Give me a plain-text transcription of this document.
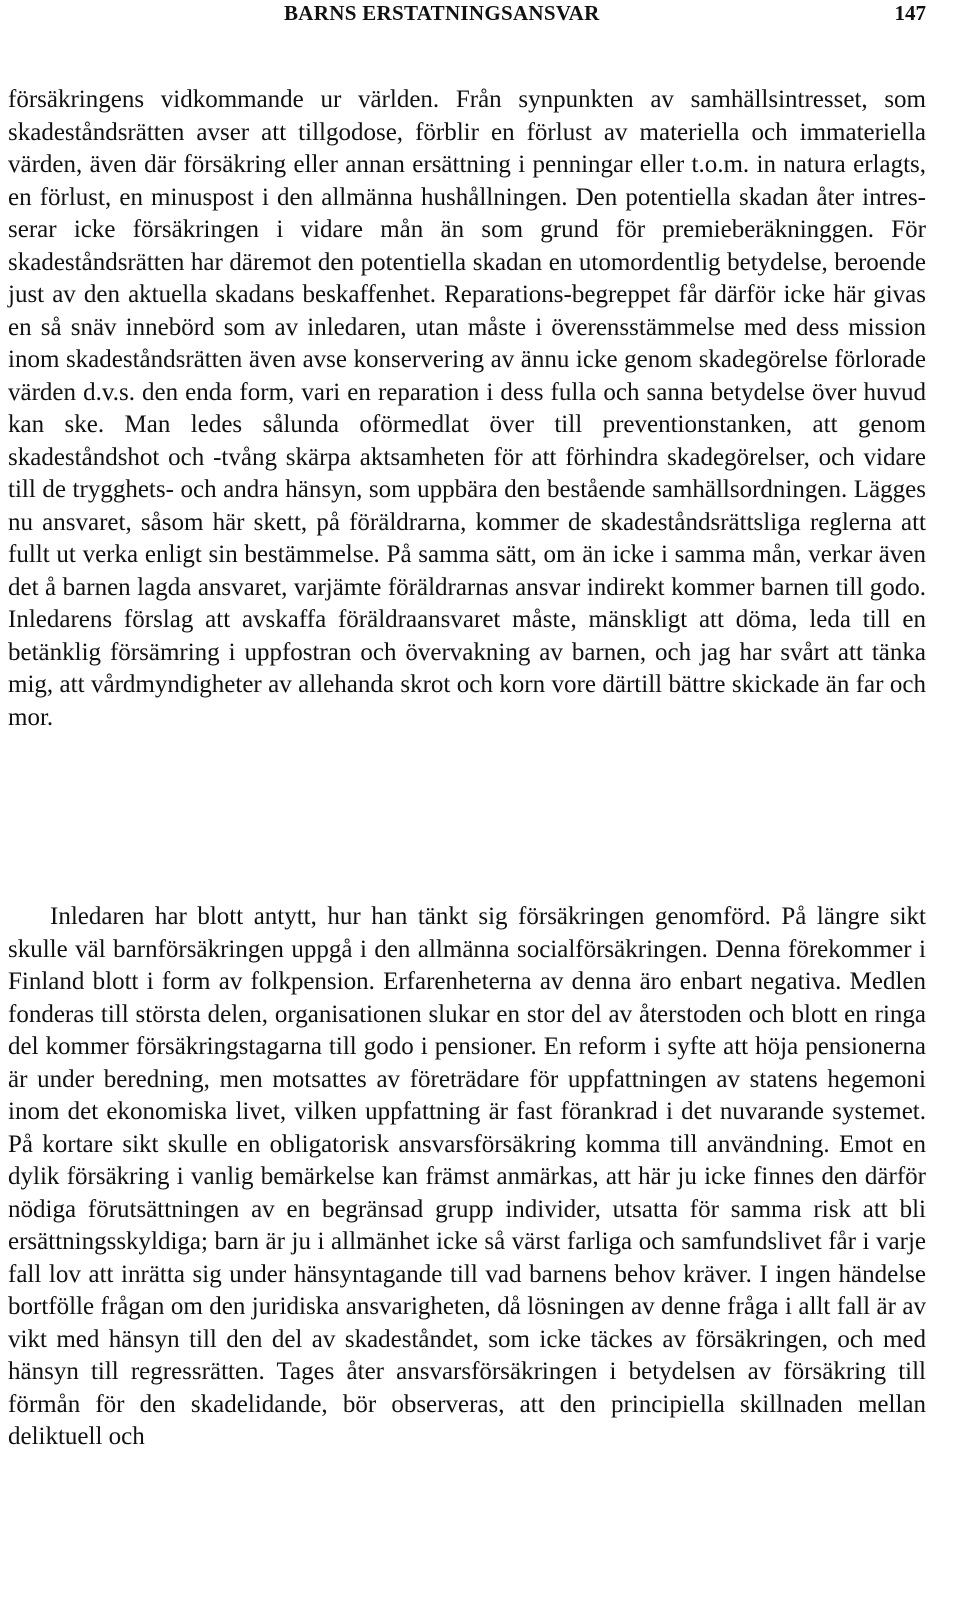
BARNS ERSTATNINGSANSVAR	147

försäkringens vidkommande ur världen. Från synpunkten av samhällsintresset, som skadeståndsrätten avser att tillgodose, förblir en förlust av materiella och immateriella värden, även där försäkring eller annan ersättning i penningar eller t.o.m. in natura erlagts, en förlust, en minuspost i den allmänna hushållningen. Den potentiella skadan åter intresserar icke försäkringen i vidare mån än som grund för premieberäkninggen. För skadeståndsrätten har däremot den potentiella skadan en utomordentlig betydelse, beroende just av den aktuella skadans beskaffenhet. Reparations-begreppet får därför icke här givas en så snäv innebörd som av inledaren, utan måste i överensstämmelse med dess mission inom skadeståndsrätten även avse konservering av ännu icke genom skadegörelse förlorade värden d.v.s. den enda form, vari en reparation i dess fulla och sanna betydelse över huvud kan ske. Man ledes sålunda oförmedlat över till preventionstanken, att genom skadeståndshot och -tvång skärpa aktsamheten för att förhindra skadegörelser, och vidare till de trygghets- och andra hänsyn, som uppbära den bestående samhällsordningen. Lägges nu ansvaret, såsom här skett, på föräldrarna, kommer de skadeståndsrättsliga reglerna att fullt ut verka enligt sin bestämmelse. På samma sätt, om än icke i samma mån, verkar även det å barnen lagda ansvaret, varjämte föräldrarnas ansvar indirekt kommer barnen till godo. Inledarens förslag att avskaffa föräldraansvaret måste, mänskligt att döma, leda till en betänklig försämring i uppfostran och övervakning av barnen, och jag har svårt att tänka mig, att vårdmyndigheter av allehanda skrot och korn vore därtill bättre skickade än far och mor.

Inledaren har blott antytt, hur han tänkt sig försäkringen genomförd. På längre sikt skulle väl barnförsäkringen uppgå i den allmänna socialförsäkringen. Denna förekommer i Finland blott i form av folkpension. Erfarenheterna av denna äro enbart negativa. Medlen fonderas till största delen, organisationen slukar en stor del av återstoden och blott en ringa del kommer försäkringstagarna till godo i pensioner. En reform i syfte att höja pensionerna är under beredning, men motsattes av företrädare för uppfattningen av statens hegemoni inom det ekonomiska livet, vilken uppfattning är fast förankrad i det nuvarande systemet. På kortare sikt skulle en obligatorisk ansvarsförsäkring komma till användning. Emot en dylik försäkring i vanlig bemärkelse kan främst anmärkas, att här ju icke finnes den därför nödiga förutsättningen av en begränsad grupp individer, utsatta för samma risk att bli ersättningsskyldiga; barn är ju i allmänhet icke så värst farliga och samfundslivet får i varje fall lov att inrätta sig under hänsyntagande till vad barnens behov kräver. I ingen händelse bortfölle frågan om den juridiska ansvarigheten, då lösningen av denne fråga i allt fall är av vikt med hänsyn till den del av skadeståndet, som icke täckes av försäkringen, och med hänsyn till regressrätten. Tages åter ansvarsförsäkringen i betydelsen av försäkring till förmån för den skadelidande, bör observeras, att den principiella skillnaden mellan deliktuell och
